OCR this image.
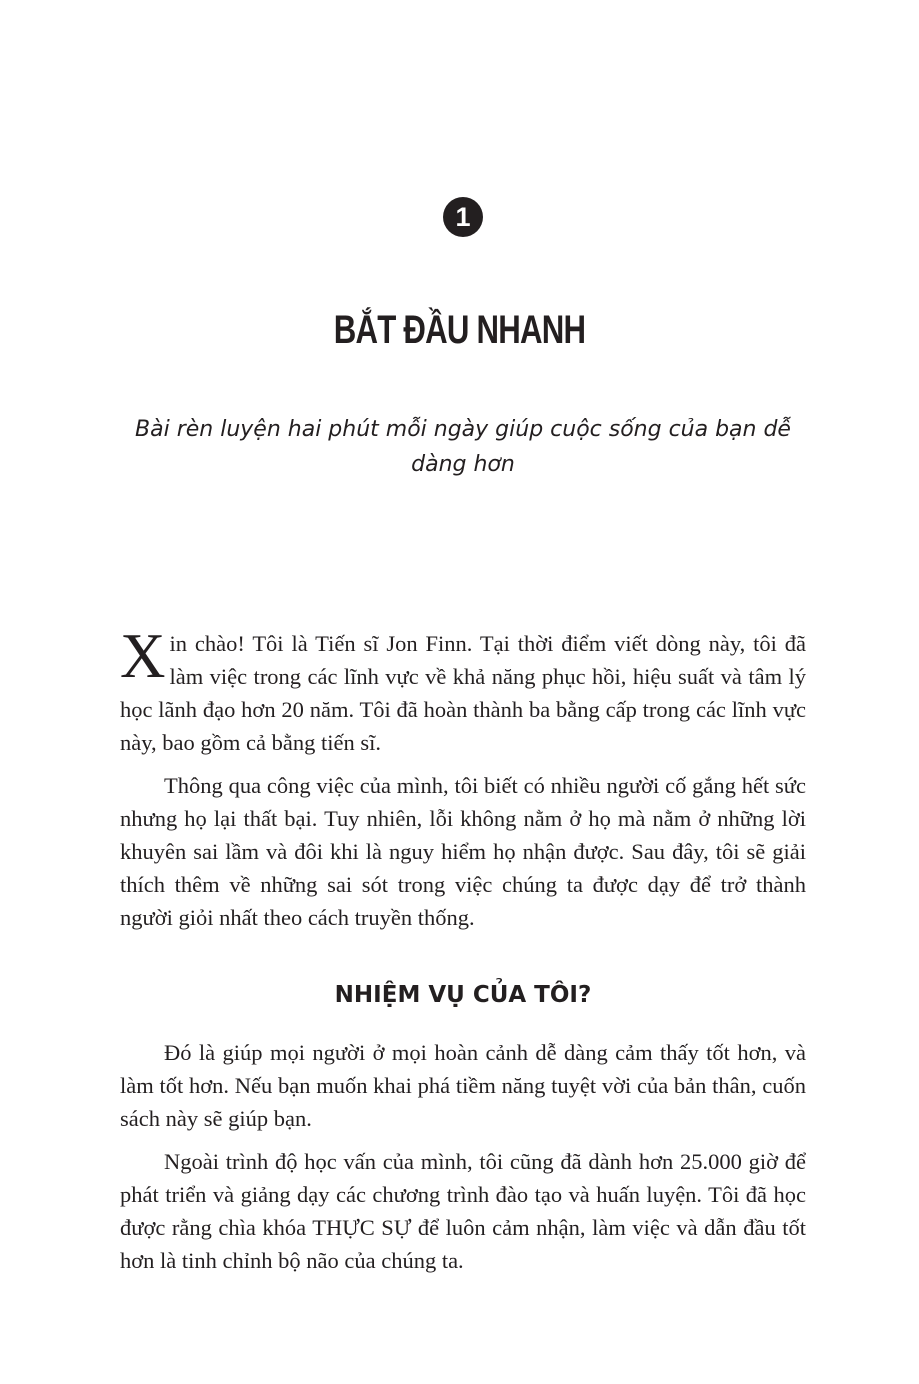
1
BẮT ĐẦU NHANH
Bài rèn luyện hai phút mỗi ngày giúp cuộc sống của bạn dễ dàng hơn

Xin chào! Tôi là Tiến sĩ Jon Finn. Tại thời điểm viết dòng này, tôi đã làm việc trong các lĩnh vực về khả năng phục hồi, hiệu suất và tâm lý học lãnh đạo hơn 20 năm. Tôi đã hoàn thành ba bằng cấp trong các lĩnh vực này, bao gồm cả bằng tiến sĩ.

Thông qua công việc của mình, tôi biết có nhiều người cố gắng hết sức nhưng họ lại thất bại. Tuy nhiên, lỗi không nằm ở họ mà nằm ở những lời khuyên sai lầm và đôi khi là nguy hiểm họ nhận được. Sau đây, tôi sẽ giải thích thêm về những sai sót trong việc chúng ta được dạy để trở thành người giỏi nhất theo cách truyền thống.

NHIỆM VỤ CỦA TÔI?

Đó là giúp mọi người ở mọi hoàn cảnh dễ dàng cảm thấy tốt hơn, và làm tốt hơn. Nếu bạn muốn khai phá tiềm năng tuyệt vời của bản thân, cuốn sách này sẽ giúp bạn.

Ngoài trình độ học vấn của mình, tôi cũng đã dành hơn 25.000 giờ để phát triển và giảng dạy các chương trình đào tạo và huấn luyện. Tôi đã học được rằng chìa khóa THỰC SỰ để luôn cảm nhận, làm việc và dẫn đầu tốt hơn là tinh chỉnh bộ não của chúng ta.
